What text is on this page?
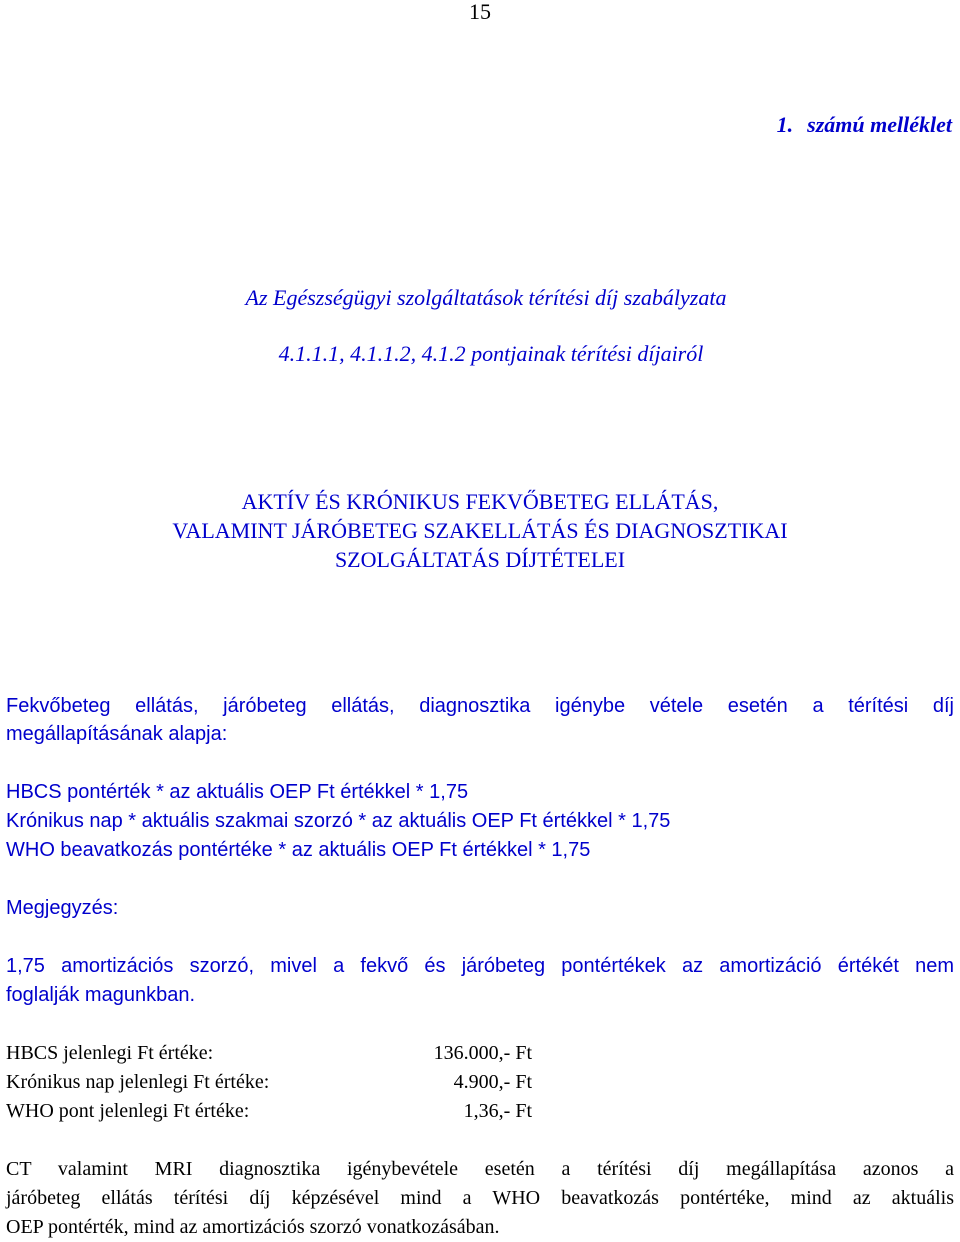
15
1. számú melléklet
Az Egészségügyi szolgáltatások térítési díj szabályzata
4.1.1.1, 4.1.1.2, 4.1.2 pontjainak térítési díjairól
AKTÍV ÉS KRÓNIKUS FEKVŐBETEG ELLÁTÁS,
VALAMINT JÁRÓBETEG SZAKELLÁTÁS ÉS DIAGNOSZTIKAI
SZOLGÁLTATÁS DÍJTÉTELEI
Fekvőbeteg ellátás, járóbeteg ellátás, diagnosztika igénybe vétele esetén a térítési díj
megállapításának alapja:
HBCS pontérték * az aktuális OEP Ft értékkel * 1,75
Krónikus nap * aktuális szakmai szorzó * az aktuális OEP Ft értékkel * 1,75
WHO beavatkozás pontértéke * az aktuális OEP Ft értékkel * 1,75
Megjegyzés:
1,75 amortizációs szorzó, mivel a fekvő és járóbeteg pontértékek az amortizáció értékét nem
foglalják magunkban.
HBCS jelenlegi Ft értéke:	136.000,- Ft
Krónikus nap jelenlegi Ft értéke:	4.900,- Ft
WHO pont jelenlegi Ft értéke:	1,36,- Ft
CT valamint MRI diagnosztika igénybevétele esetén a térítési díj megállapítása azonos a
járóbeteg ellátás térítési díj képzésével mind a WHO beavatkozás pontértéke, mind az aktuális
OEP pontérték, mind az amortizációs szorzó vonatkozásában.
